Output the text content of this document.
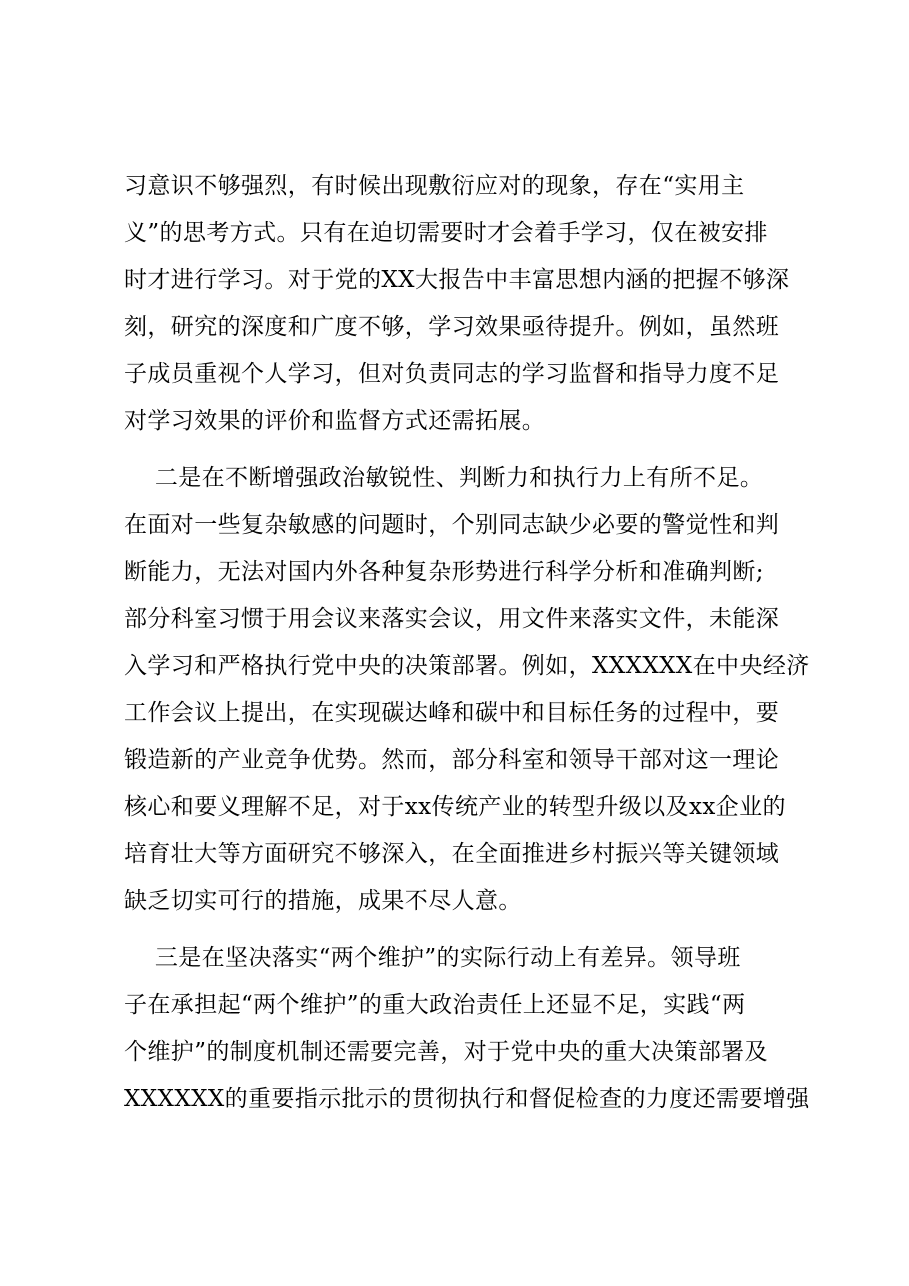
习意识不够强烈，有时候出现敷衍应对的现象，存在“实用主
义”的思考方式。只有在迫切需要时才会着手学习，仅在被安排
时才进行学习。对于党的XX大报告中丰富思想内涵的把握不够深
刻，研究的深度和广度不够，学习效果亟待提升。例如，虽然班
子成员重视个人学习，但对负责同志的学习监督和指导力度不足
对学习效果的评价和监督方式还需拓展。
二是在不断增强政治敏锐性、判断力和执行力上有所不足。
在面对一些复杂敏感的问题时，个别同志缺少必要的警觉性和判
断能力，无法对国内外各种复杂形势进行科学分析和准确判断;
部分科室习惯于用会议来落实会议，用文件来落实文件，未能深
入学习和严格执行党中央的决策部署。例如，XXXXXX在中央经济
工作会议上提出，在实现碳达峰和碳中和目标任务的过程中，要
锻造新的产业竞争优势。然而，部分科室和领导干部对这一理论
核心和要义理解不足，对于xx传统产业的转型升级以及xx企业的
培育壮大等方面研究不够深入，在全面推进乡村振兴等关键领域
缺乏切实可行的措施，成果不尽人意。
三是在坚决落实“两个维护”的实际行动上有差异。领导班
子在承担起“两个维护”的重大政治责任上还显不足，实践“两
个维护”的制度机制还需要完善，对于党中央的重大决策部署及
XXXXXX的重要指示批示的贯彻执行和督促检查的力度还需要增强
